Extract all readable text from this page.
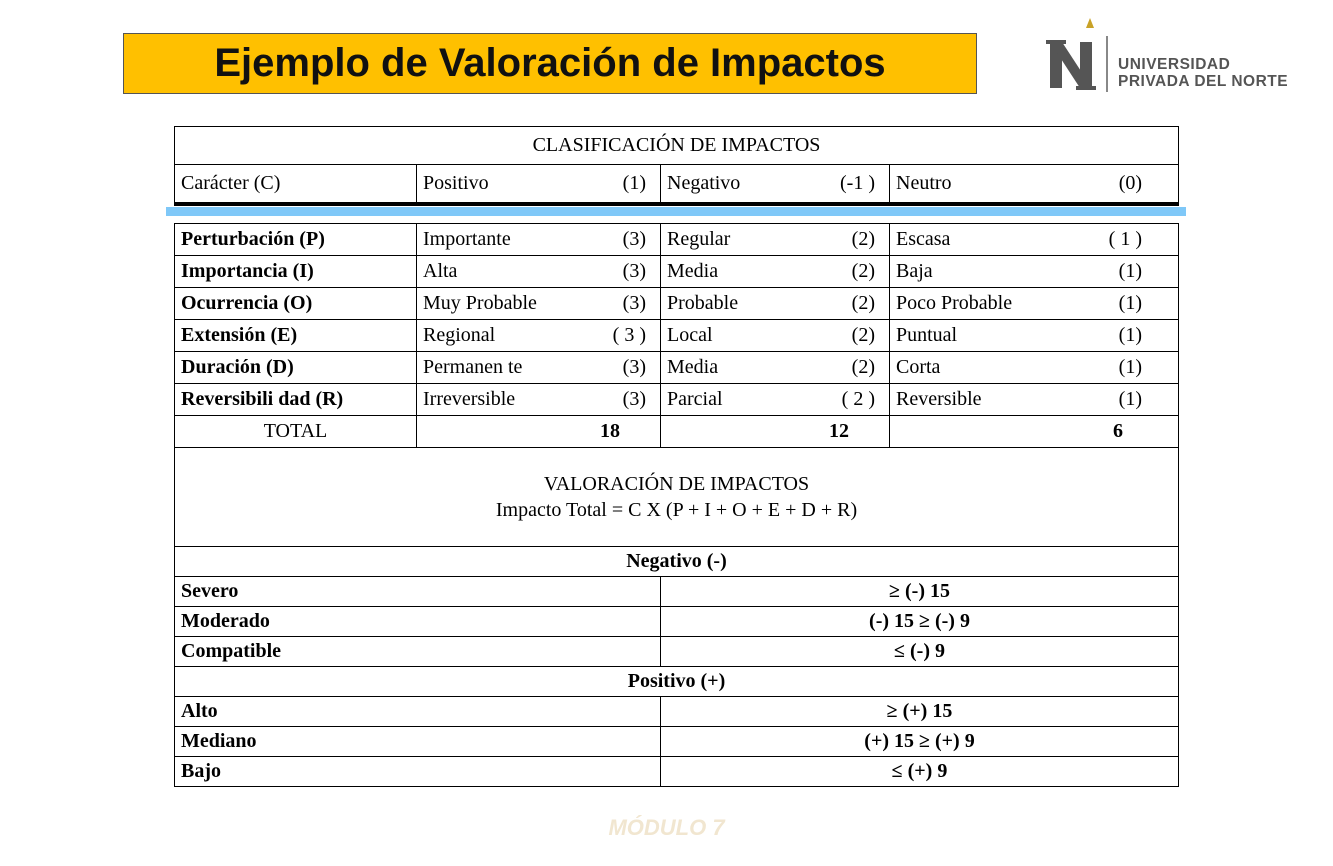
Ejemplo de Valoración de Impactos	UNIVERSIDAD
PRIVADA DEL NORTE
CLASIFICACIÓN DE IMPACTOS
Carácter (C)	Positivo	(1)	Negativo	(-1 )	Neutro	(0)
Perturbación (P)	Importante (3)	Regular (2)	Escasa ( 1 )

Importancia (I)	Alta (3)	Media (2)	Baja (1)

Ocurrencia (O)	Muy Probable (3)	Probable (2)	Poco Probable (1)

Extensión (E)	Regional ( 3 )	Local (2)	Puntual (1)

Duración (D)	Permanen te (3)	Media (2)	Corta (1)

Reversibili dad (R)	Irreversible (3)	Parcial ( 2 )	Reversible (1)

TOTAL	18	12	6

VALORACIÓN DE IMPACTOS
Impacto Total = C X (P + I + O + E + D + R)			

Negativo (-)			
Severo		≥ (-) 15	
Moderado		(-) 15 ≥ (-) 9	
Compatible		≤ (-) 9	
Positivo (+)			
Alto		≥ (+) 15	
Mediano		(+) 15 ≥ (+) 9	
Bajo		≤ (+) 9	
MÓDULO 7
